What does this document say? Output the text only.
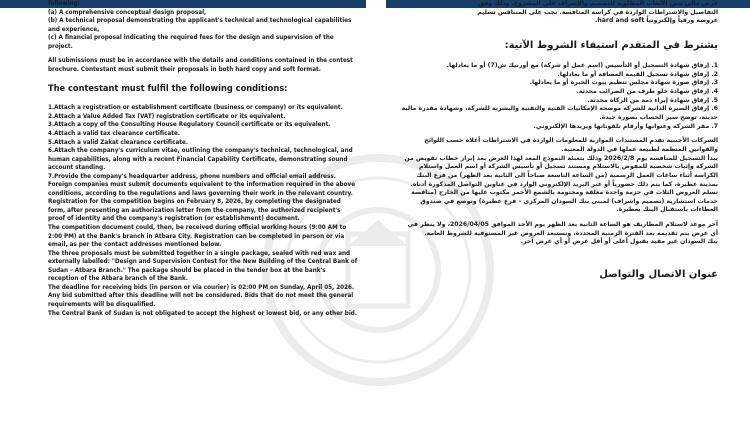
following:

(a) A comprehensive conceptual design proposal,

(b) A technical proposal demonstrating the applicant's technical and technological capabilities and experience,

(c) A financial proposal indicating the required fees for the design and supervision of the project.

All submissions must be in accordance with the details and conditions contained in the contest brochure. Contestant must submit their proposals in both hard copy and soft format.

The contestant must fulfil the following conditions:

1.Attach a registration or establishment certificate (business or company) or its equivalent.

2.Attach a Value Added Tax (VAT) registration certificate or its equivalent.

3.Attach a copy of the Consulting House Regulatory Council certificate or its equivalent.

4.Attach a valid tax clearance certificate.

5.Attach a valid Zakat clearance certificate.

6.Attach the company's curriculum vitae, outlining the company's technical, technological, and human capabilities, along with a recent Financial Capability Certificate, demonstrating sound account standing.

7.Provide the company's headquarter address, phone numbers and official email address.

Foreign companies must submit documents equivalent to the information required in the above conditions, according to the regulations and laws governing their work in the relevant country.

Registration for the competition begins on February 8, 2026, by completing the designated form, after presenting an authorization letter from the company, the authorized recipient's proof of identity and the company's registration (or establishment) document.

The competition document could, then, be received during official working hours (9:00 AM to 2:00 PM) at the Bank's branch in Atbara City. Registration can be completed in person or via email, as per the contact addresses mentioned below.

The three proposals must be submitted together in a single package, sealed with red wax and externally labelled: "Design and Supervision Contest for the New Building of the Central Bank of Sudan – Atbara Branch." The package should be placed in the tender box at the bank's reception of the Atbara branch of the Bank.

The deadline for receiving bids (in person or via courier) is 02:00 PM on Sunday, April 05, 2026. Any bid submitted after this deadline will not be considered. Bids that do not meet the general requirements will be disqualified.

The Central Bank of Sudan is not obligated to accept the highest or lowest bid, or any other bid.

عرض مالي يبين الأتعاب المطلوبة للتصميم والإشراف على المشروع. وذلك وفق

التفاصيل والاشتراطات الواردة في كراسة المنافسة. يجب على المتنافس تسليم

عروضه ورقياً وإلكترونياً hard and soft.

يشترط في المتقدم استيفاء الشروط الآتية:

1. إرفاق شهادة التسجيل أو التأسيس (اسم عمل أو شركة) مع أورنيك ش(7) أو ما يعادلها.

2. إرفاق شهادة تسجيل القيمة المضافة أو ما يعادلها.

3. إرفاق صورة شهادة مجلس تنظيم بيوت الخبرة أو ما يعادلها.

4. إرفاق شهادة خلو طرف من الضرائب محدثة.

5. إرفاق شهادة إبراء ذمة من الزكاة محدثة.

6. إرفاق السيرة الذاتية للشركة موضحة الإمكانيات الفنية والتقنية والبشرية للشركة، وشهادة مقدرة مالية حديثة، توضح سير الحساب بصورة جيدة.

7. مقر الشركة وعنوانها وأرقام تلفوناتها وبريدها الإلكتروني.

الشركات الأجنبية تقدم المستندات الموازية للمعلومات الواردة في الاشتراطات أعلاه حسب اللوائح والقوانين المنظمة لطبيعة عملها في الدولة المعنية.

يبدأ التسجيل للمنافسة يوم 2026/2/8 وذلك بتعبئة النموذج المعد لهذا الغرض بعد إبراز خطاب تفويض من الشركة وإثبات شخصية للمفوض بالاستلام ومستند تسجيل أو تأسيس الشركة أو اسم العمل واستلام الكراسة أثناء ساعات العمل الرسمية (من الساعة التاسعة صباحاً الى الثانية بعد الظهر) من فرع البنك بمدينة عطبرة، كما يتم ذلك حضورياً أو عبر البريد الإلكتروني الوارد في عناوين التواصل المذكورة أدناه.

تسلم العروض الثلاث في حزمة واحدة مغلقة ومختومة بالشمع الأحمر مكتوب عليها من الخارج (منافسة خدمات استشارية (تصميم واشراف) لمبنى بنك السودان المركزي – فرع عطبرة) وتوضع في صندوق العطاءات باستقبال البنك بعطبرة.

آخر موعد لاستلام المطاريف هو الساعة الثانية بعد الظهر يوم الأحد الموافق 2026/04/05، ولا ينظر في أي عرض يتم تقديمه بعد الفترة الزمنية المحددة، وتستبعد العروض غير المستوفية للشروط العامة.

بنك السودان غير مقيد بقبول أعلى أو أقل عرض أو أي عرض آخر.

عنوان الاتصال والتواصل
